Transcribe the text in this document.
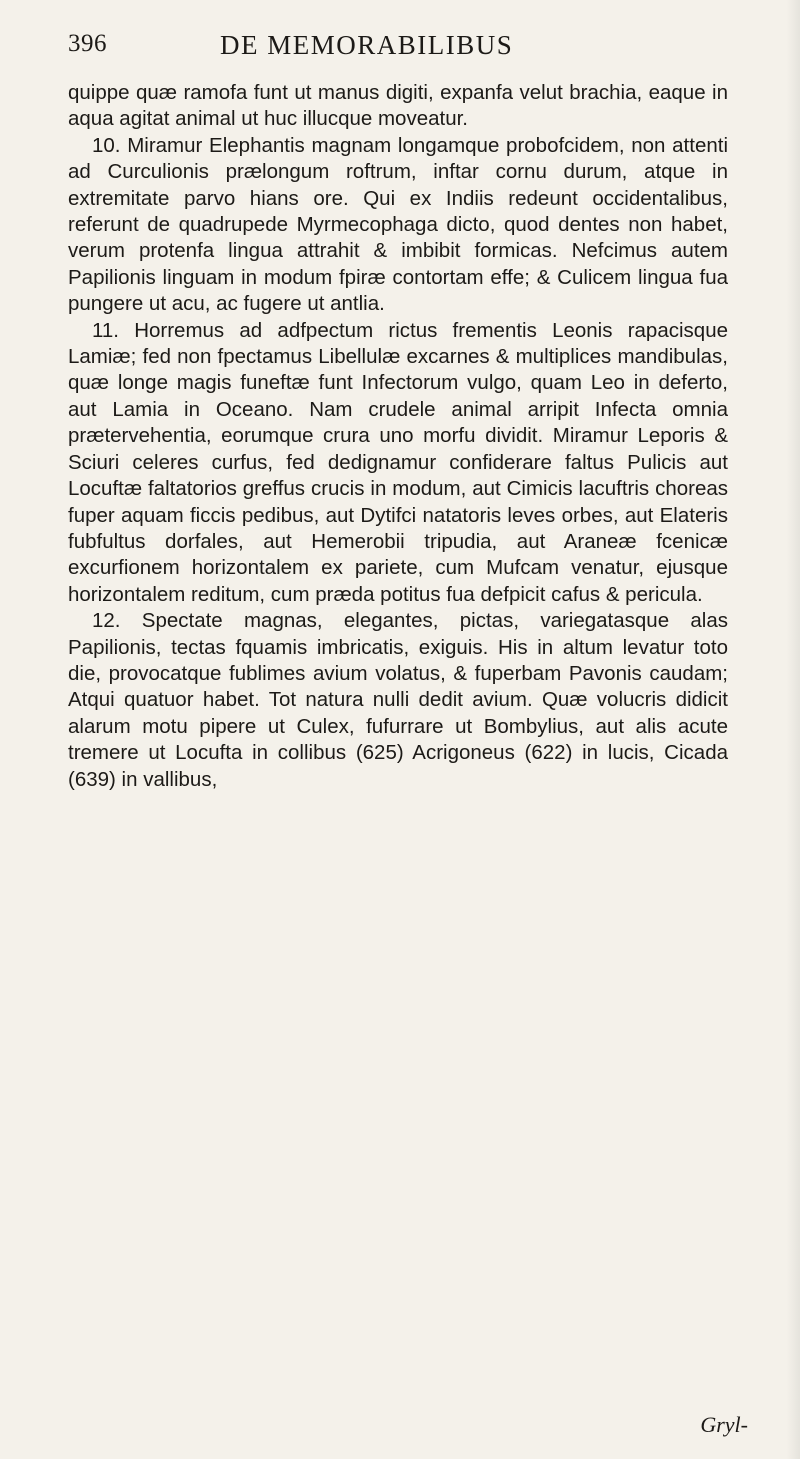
396	DE MEMORABILIBUS

quippe quæ ramofa funt ut manus digiti, expanfa velut brachia, eaque in aqua agitat animal ut huc illucque moveatur.

10. Miramur Elephantis magnam longamque probofcidem, non attenti ad Curculionis prælongum roftrum, inftar cornu durum, atque in extremitate parvo hians ore. Qui ex Indiis redeunt occidentalibus, referunt de quadrupede Myrmecophaga dicto, quod dentes non habet, verum protenfa lingua attrahit & imbibit formicas. Nefcimus autem Papilionis linguam in modum fpiræ contortam effe; & Culicem lingua fua pungere ut acu, ac fugere ut antlia.

11. Horremus ad adfpectum rictus frementis Leonis rapacisque Lamiæ; fed non fpectamus Libellulæ excarnes & multiplices mandibulas, quæ longe magis funeftæ funt Infectorum vulgo, quam Leo in deferto, aut Lamia in Oceano. Nam crudele animal arripit Infecta omnia prætervehentia, eorumque crura uno morfu dividit. Miramur Leporis & Sciuri celeres curfus, fed dedignamur confiderare faltus Pulicis aut Locuftæ faltatorios greffus crucis in modum, aut Cimicis lacuftris choreas fuper aquam ficcis pedibus, aut Dytifci natatoris leves orbes, aut Elateris fubfultus dorfales, aut Hemerobii tripudia, aut Araneæ fcenicæ excurfionem horizontalem ex pariete, cum Mufcam venatur, ejusque horizontalem reditum, cum præda potitus fua defpicit cafus & pericula.

12. Spectate magnas, elegantes, pictas, variegatasque alas Papilionis, tectas fquamis imbricatis, exiguis. His in altum levatur toto die, provocatque fublimes avium volatus, & fuperbam Pavonis caudam; Atqui quatuor habet. Tot natura nulli dedit avium. Quæ volucris didicit alarum motu pipere ut Culex, fufurrare ut Bombylius, aut alis acute tremere ut Locufta in collibus (625) Acrigoneus (622) in lucis, Cicada (639) in vallibus,

Gryl-
